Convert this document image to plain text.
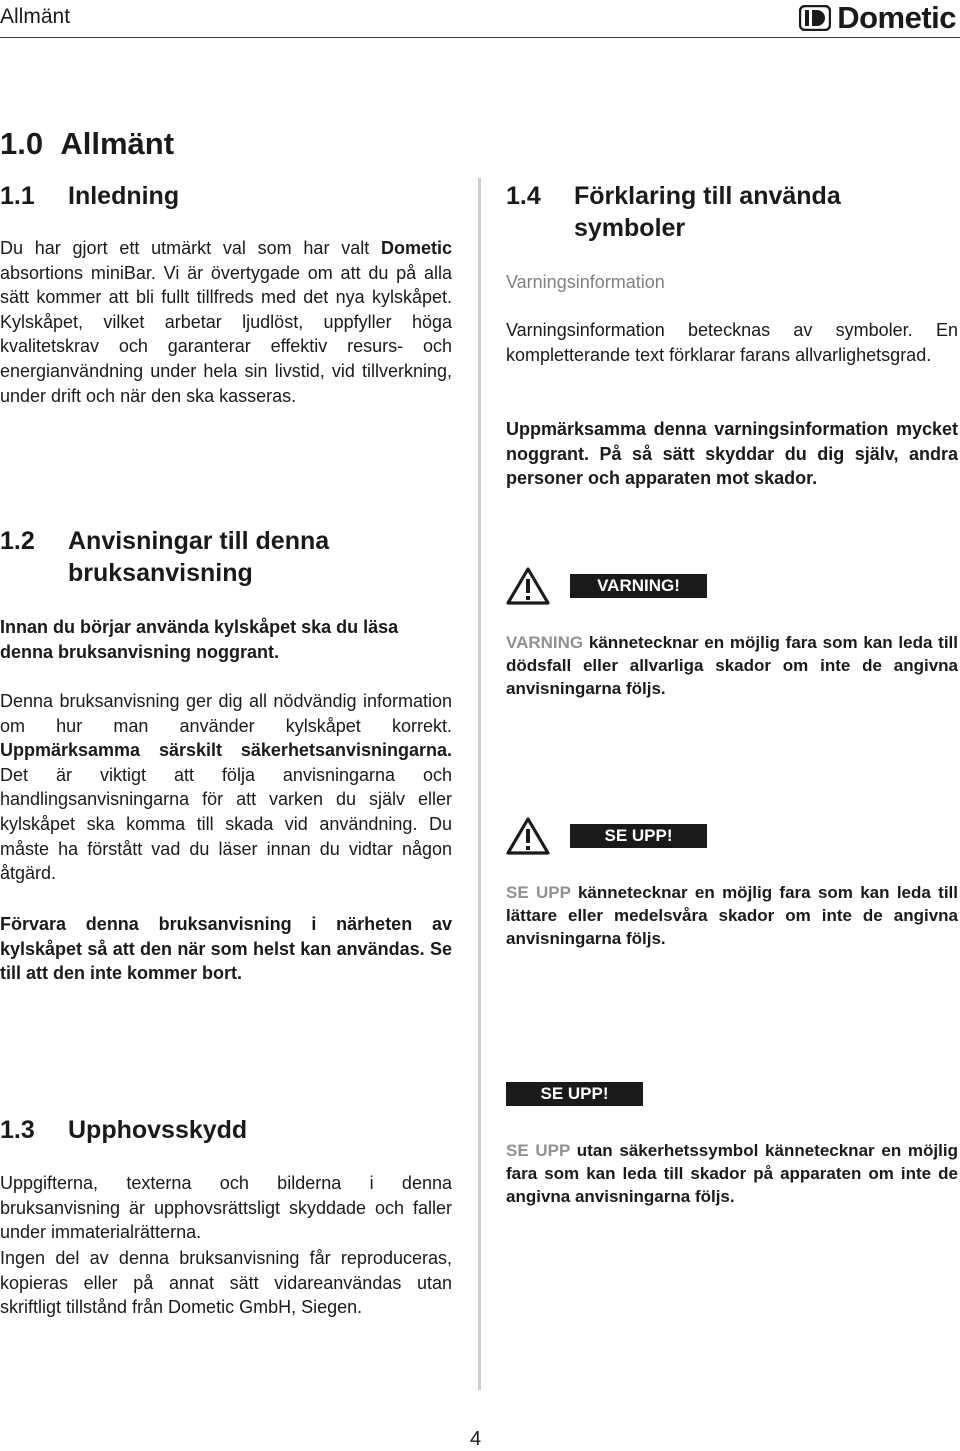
Allmänt	Dometic
1.0 Allmänt
1.1	Inledning

Du har gjort ett utmärkt val som har valt Dometic absortions miniBar. Vi är övertygade om att du på alla sätt kommer att bli fullt tillfreds med det nya kylskåpet. Kylskåpet, vilket arbetar ljudlöst, uppfyller höga kvalitetskrav och garanterar effektiv resurs- och energianvändning under hela sin livstid, vid tillverkning, under drift och när den ska kasseras.

1.2	Anvisningar till denna
bruksanvisning

Innan du börjar använda kylskåpet ska du läsa denna bruksanvisning noggrant.

Denna bruksanvisning ger dig all nödvändig information om hur man använder kylskåpet korrekt. Uppmärksamma särskilt säkerhetsanvisningarna. Det är viktigt att följa anvisningarna och handlingsanvisningarna för att varken du själv eller kylskåpet ska komma till skada vid användning. Du måste ha förstått vad du läser innan du vidtar någon åtgärd.

Förvara denna bruksanvisning i närheten av kylskåpet så att den när som helst kan användas. Se till att den inte kommer bort.

1.3	Upphovsskydd

Uppgifterna, texterna och bilderna i denna bruksanvisning är upphovsrättsligt skyddade och faller under immaterialrätterna.

Ingen del av denna bruksanvisning får reproduceras, kopieras eller på annat sätt vidareanvändas utan skriftligt tillstånd från Dometic GmbH, Siegen.

1.4	Förklaring till använda
symboler

Varningsinformation

Varningsinformation betecknas av symboler. En kompletterande text förklarar farans allvarlighetsgrad.

Uppmärksamma denna varningsinformation mycket noggrant. På så sätt skyddar du dig själv, andra personer och apparaten mot skador.

VARNING!

VARNING kännetecknar en möjlig fara som kan leda till dödsfall eller allvarliga skador om inte de angivna anvisningarna följs.

SE UPP!

SE UPP kännetecknar en möjlig fara som kan leda till lättare eller medelsvåra skador om inte de angivna anvisningarna följs.

SE UPP!

SE UPP utan säkerhetssymbol kännetecknar en möjlig fara som kan leda till skador på apparaten om inte de angivna anvisningarna följs.

4
